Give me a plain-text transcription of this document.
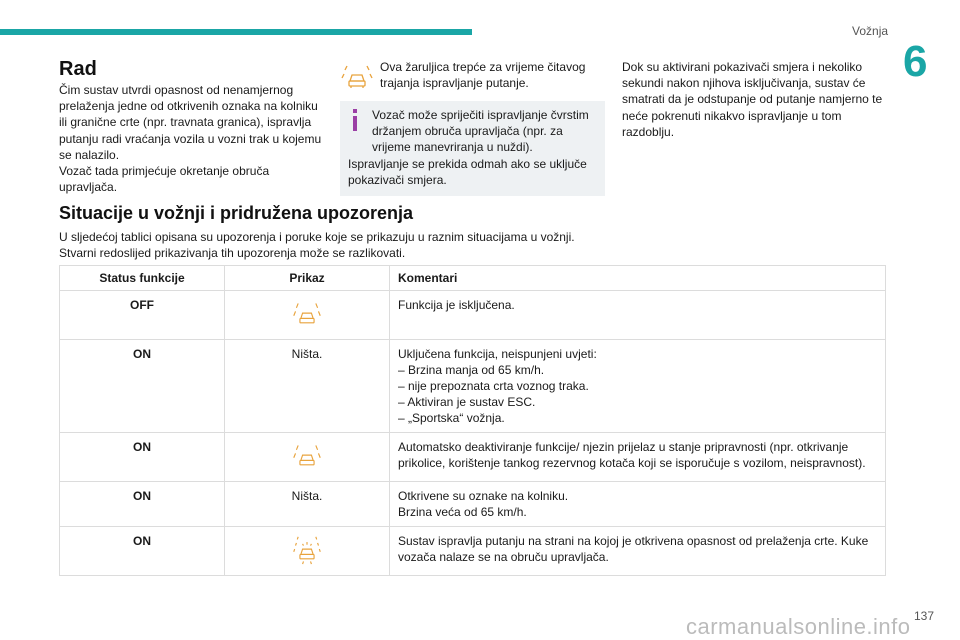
Vožnja
6
Rad

Čim sustav utvrdi opasnost od nenamjernog prelaženja jedne od otkrivenih oznaka na kolniku ili granične crte (npr. travnata granica), ispravlja putanju radi vraćanja vozila u vozni trak u kojemu se nalazilo.

Vozač tada primjećuje okretanje obruča upravljača.

Ova žaruljica trepće za vrijeme čitavog trajanja ispravljanje putanje.

Vozač može spriječiti ispravljanje čvrstim držanjem obruča upravljača (npr. za vrijeme manevriranja u nuždi).

Ispravljanje se prekida odmah ako se uključe pokazivači smjera.

Dok su aktivirani pokazivači smjera i nekoliko sekundi nakon njihova isključivanja, sustav će smatrati da je odstupanje od putanje namjerno te neće pokrenuti nikakvo ispravljanje u tom razdoblju.

Situacije u vožnji i pridružena upozorenja
U sljedećoj tablici opisana su upozorenja i poruke koje se prikazuju u raznim situacijama u vožnji.
Stvarni redoslijed prikazivanja tih upozorenja može se razlikovati.
Status funkcije	Prikaz	Komentari
OFF		Funkcija je isključena.

ON	Ništa.	Uključena funkcija, neispunjeni uvjeti:
– Brzina manja od 65 km/h.
– nije prepoznata crta voznog traka.
– Aktiviran je sustav ESC.
– „Sportska“ vožnja.

ON		Automatsko deaktiviranje funkcije/ njezin prijelaz u stanje pripravnosti (npr. otkrivanje prikolice, korištenje tankog rezervnog kotača koji se isporučuje s vozilom, neispravnost).

ON	Ništa.	Otkrivene su oznake na kolniku.
Brzina veća od 65 km/h.

ON		Sustav ispravlja putanju na strani na kojoj je otkrivena opasnost od prelaženja crte. Kuke vozača nalaze se na obruču upravljača.
carmanualsonline.info 137
